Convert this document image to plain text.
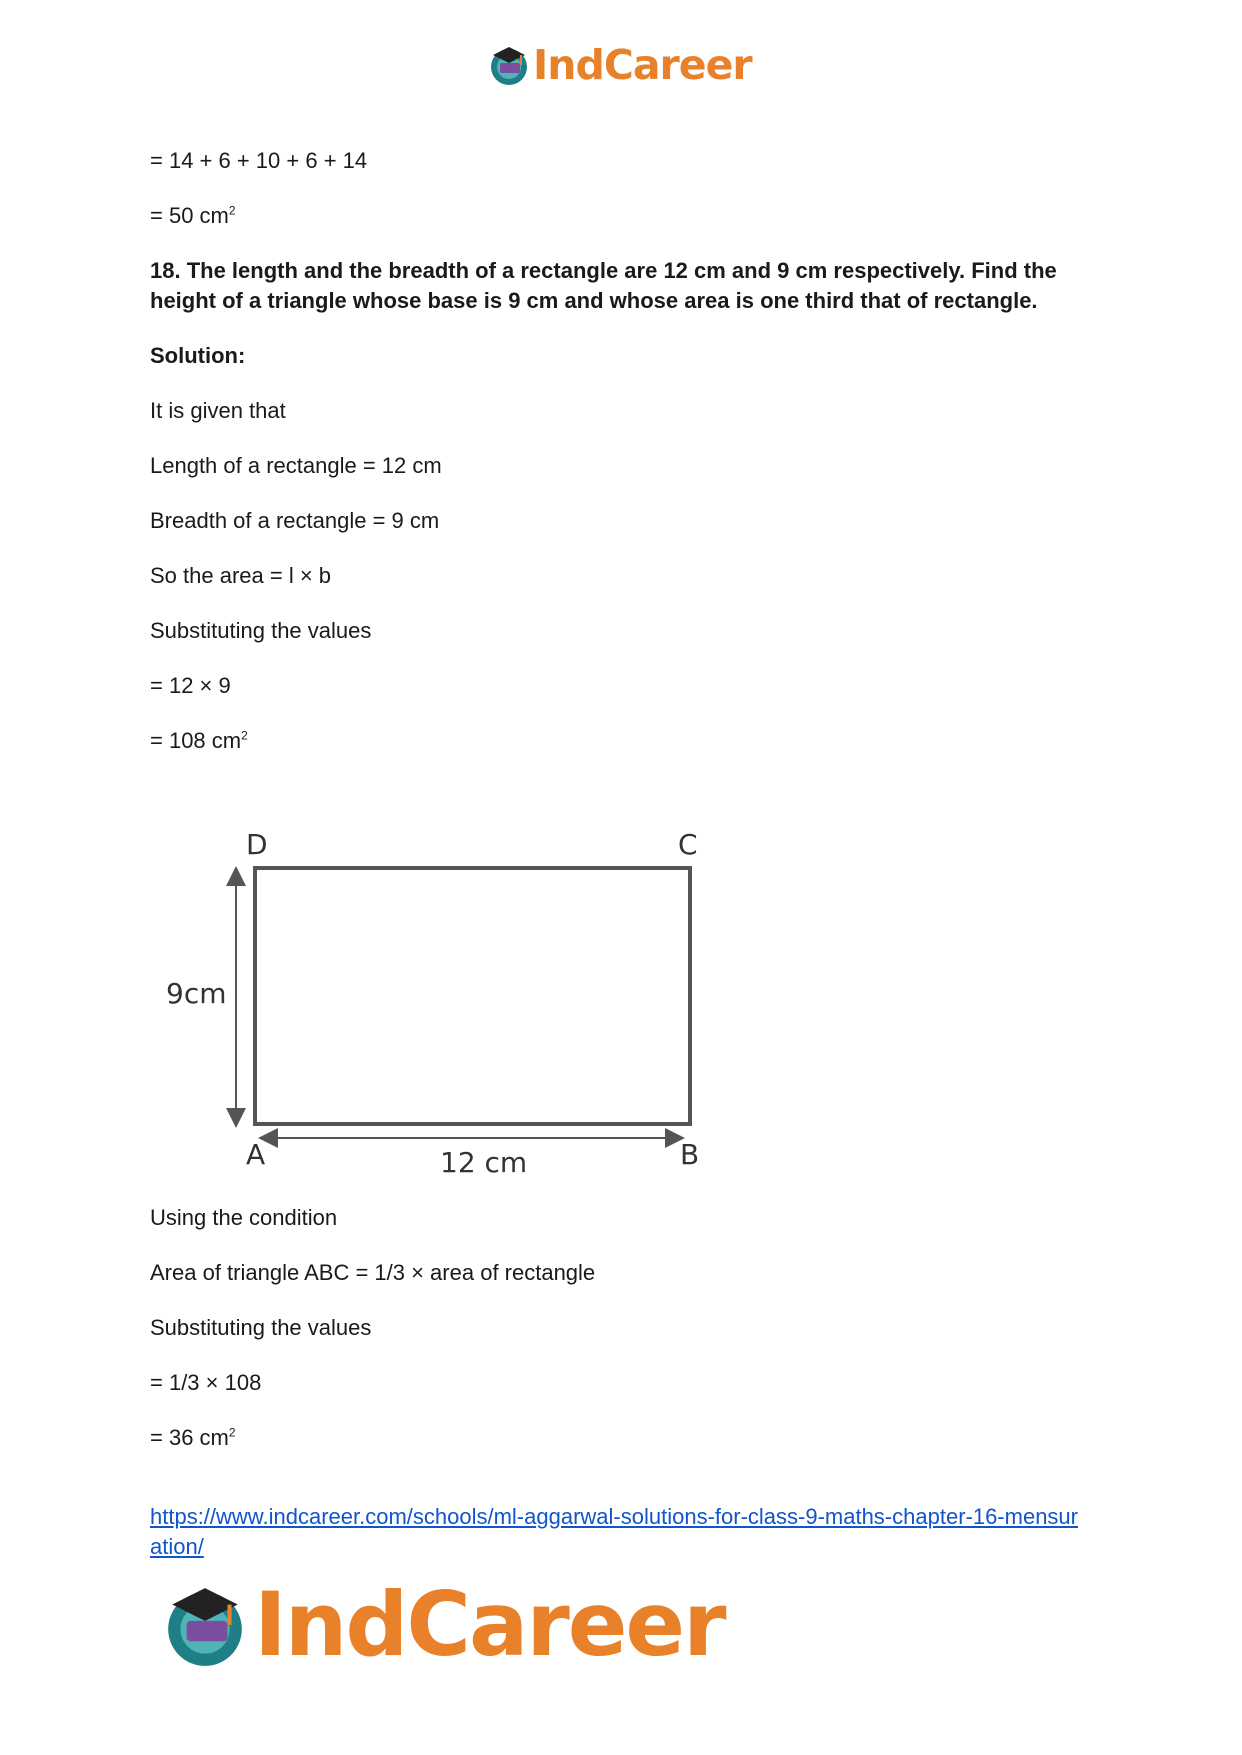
IndCareer

= 14 + 6 + 10 + 6 + 14

= 50 $cm^2$

18. The length and the breadth of a rectangle are 12 cm and 9 cm respectively. Find the height of a triangle whose base is 9 cm and whose area is one third that of rectangle.

Solution:

It is given that

Length of a rectangle = 12 cm

Breadth of a rectangle = 9 cm

So the area = l × b

Substituting the values

= 12 × 9

= 108 $cm^2$

D	C
A	B
9cm
12 cm

Using the condition

Area of triangle ABC = 1/3 × area of rectangle

Substituting the values

= 1/3 × 108

= 36 $cm^2$

https://www.indcareer.com/schools/ml-aggarwal-solutions-for-class-9-maths-chapter-16-mensuration/
IndCareer
